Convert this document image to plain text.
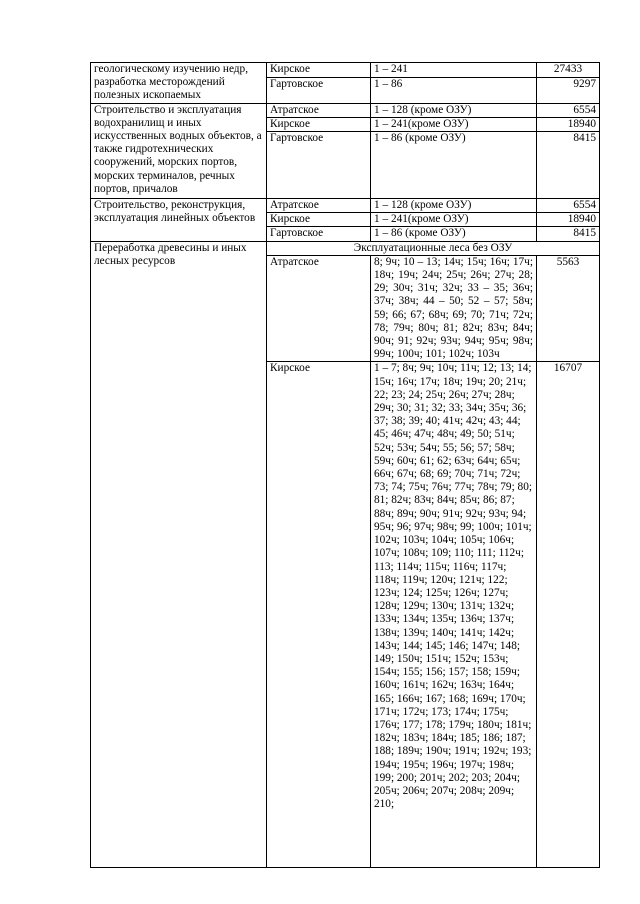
геологическому изучению недр, разработка месторождений полезных ископаемых	Кирское	1 – 241	27433
	Гартовское	1 – 86	9297
Строительство и эксплуатация водохранилищ и иных искусственных водных объектов, а также гидротехнических сооружений, морских портов, морских терминалов, речных портов, причалов	Атратское	1 – 128 (кроме ОЗУ)	6554
	Кирское	1 – 241(кроме ОЗУ)	18940
	Гартовское	1 – 86 (кроме ОЗУ)	8415
Строительство, реконструкция, эксплуатация линейных объектов	Атратское	1 – 128 (кроме ОЗУ)	6554
	Кирское	1 – 241(кроме ОЗУ)	18940
	Гартовское	1 – 86 (кроме ОЗУ)	8415
Переработка древесины и иных лесных ресурсов	Эксплуатационные леса без ОЗУ		
	Атратское	8; 9ч; 10 – 13; 14ч; 15ч; 16ч; 17ч; 18ч; 19ч; 24ч; 25ч; 26ч; 27ч; 28; 29; 30ч; 31ч; 32ч; 33 – 35; 36ч; 37ч; 38ч; 44 – 50; 52 – 57; 58ч; 59; 66; 67; 68ч; 69; 70; 71ч; 72ч; 78; 79ч; 80ч; 81; 82ч; 83ч; 84ч; 90ч; 91; 92ч; 93ч; 94ч; 95ч; 98ч; 99ч; 100ч; 101; 102ч; 103ч	5563
	Кирское	1 – 7; 8ч; 9ч; 10ч; 11ч; 12; 13; 14; 15ч; 16ч; 17ч; 18ч; 19ч; 20; 21ч; 22; 23; 24; 25ч; 26ч; 27ч; 28ч; 29ч; 30; 31; 32; 33; 34ч; 35ч; 36; 37; 38; 39; 40; 41ч; 42ч; 43; 44; 45; 46ч; 47ч; 48ч; 49; 50; 51ч; 52ч; 53ч; 54ч; 55; 56; 57; 58ч; 59ч; 60ч; 61; 62; 63ч; 64ч; 65ч; 66ч; 67ч; 68; 69; 70ч; 71ч; 72ч; 73; 74; 75ч; 76ч; 77ч; 78ч; 79; 80; 81; 82ч; 83ч; 84ч; 85ч; 86; 87; 88ч; 89ч; 90ч; 91ч; 92ч; 93ч; 94; 95ч; 96; 97ч; 98ч; 99; 100ч; 101ч; 102ч; 103ч; 104ч; 105ч; 106ч; 107ч; 108ч; 109; 110; 111; 112ч; 113; 114ч; 115ч; 116ч; 117ч; 118ч; 119ч; 120ч; 121ч; 122; 123ч; 124; 125ч; 126ч; 127ч; 128ч; 129ч; 130ч; 131ч; 132ч; 133ч; 134ч; 135ч; 136ч; 137ч; 138ч; 139ч; 140ч; 141ч; 142ч; 143ч; 144; 145; 146; 147ч; 148; 149; 150ч; 151ч; 152ч; 153ч; 154ч; 155; 156; 157; 158; 159ч; 160ч; 161ч; 162ч; 163ч; 164ч; 165; 166ч; 167; 168; 169ч; 170ч; 171ч; 172ч; 173; 174ч; 175ч; 176ч; 177; 178; 179ч; 180ч; 181ч; 182ч; 183ч; 184ч; 185; 186; 187; 188; 189ч; 190ч; 191ч; 192ч; 193; 194ч; 195ч; 196ч; 197ч; 198ч; 199; 200; 201ч; 202; 203; 204ч; 205ч; 206ч; 207ч; 208ч; 209ч; 210;	16707
